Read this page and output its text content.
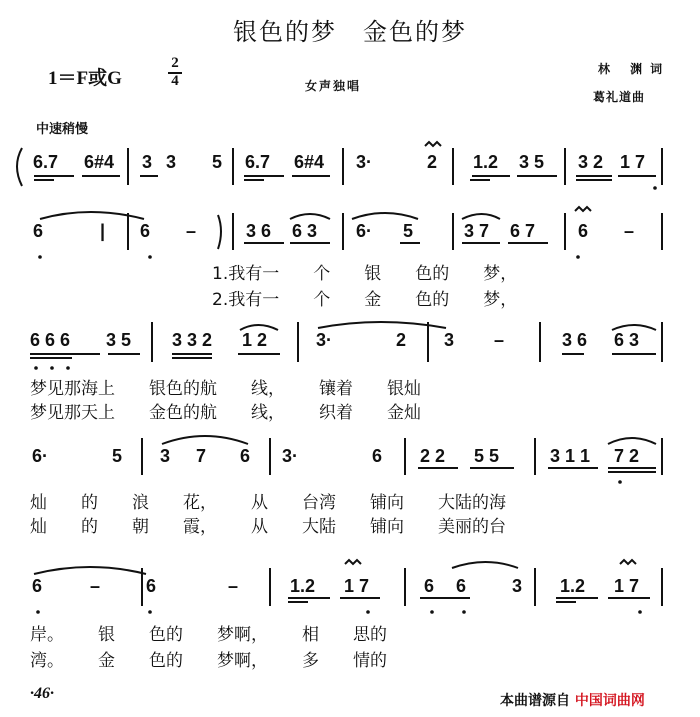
银色的梦　金色的梦
1＝F或G
2
4	女声独唱
林 渊词
葛礼道曲
中速稍慢
6.7 6#4 3 3 5 6.7 6#4 3·	2 1.2 3 5 3 2 1 7
6	| 6 –	3 6 6 3 6· 5	3 7 6 7 6 –
1.我有一 个 银 色的 梦，
2.我有一 个 金 色的 梦，
6 6 6 3 5 3 3 2 1 2	3·	2 3 –	3 6 6 3
梦见那海上 银色的航 线， 镶着 银灿
梦见那天上 金色的航 线， 织着 金灿
6·	5 3 7 6 3·	6 2 2 5 5	3 1 1 7 2
灿 的 浪 花， 从 台湾 铺向 大陆的海
灿 的 朝 霞， 从 大陆 铺向 美丽的台
6	–	6	–	1.2 1 7	6 6	3 1.2 1 7
岸。 银 色的 梦啊， 相 思的
湾。 金 色的 梦啊， 多 情的
·46·	本曲谱源自 中国词曲网
